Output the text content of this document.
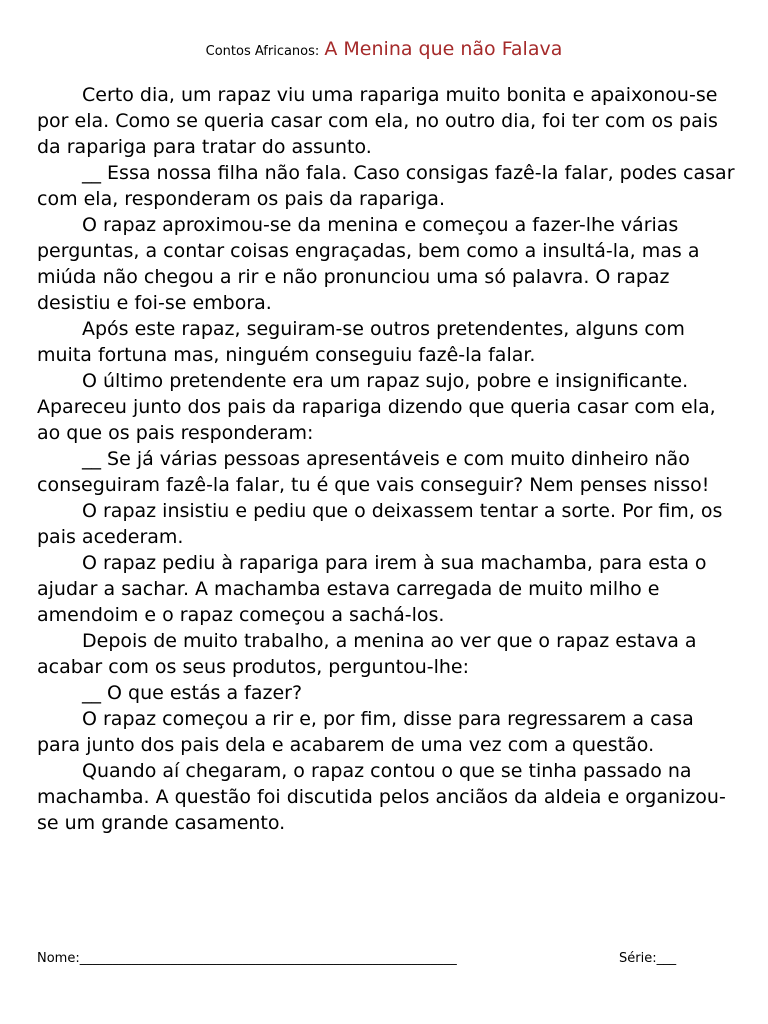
Contos Africanos: A Menina que não Falava

Certo dia, um rapaz viu uma rapariga muito bonita e apaixonou-se por ela. Como se queria casar com ela, no outro dia, foi ter com os pais da rapariga para tratar do assunto.

__ Essa nossa filha não fala. Caso consigas fazê-la falar, podes casar com ela, responderam os pais da rapariga.

O rapaz aproximou-se da menina e começou a fazer-lhe várias perguntas, a contar coisas engraçadas, bem como a insultá-la, mas a miúda não chegou a rir e não pronunciou uma só palavra. O rapaz desistiu e foi-se embora.

Após este rapaz, seguiram-se outros pretendentes, alguns com muita fortuna mas, ninguém conseguiu fazê-la falar.

O último pretendente era um rapaz sujo, pobre e insignificante. Apareceu junto dos pais da rapariga dizendo que queria casar com ela, ao que os pais responderam:

__ Se já várias pessoas apresentáveis e com muito dinheiro não conseguiram fazê-la falar, tu é que vais conseguir? Nem penses nisso!

O rapaz insistiu e pediu que o deixassem tentar a sorte. Por fim, os pais acederam.

O rapaz pediu à rapariga para irem à sua machamba, para esta o ajudar a sachar. A machamba estava carregada de muito milho e amendoim e o rapaz começou a sachá-los.

Depois de muito trabalho, a menina ao ver que o rapaz estava a acabar com os seus produtos, perguntou-lhe:

__ O que estás a fazer?

O rapaz começou a rir e, por fim, disse para regressarem a casa para junto dos pais dela e acabarem de uma vez com a questão.

Quando aí chegaram, o rapaz contou o que se tinha passado na machamba. A questão foi discutida pelos anciãos da aldeia e organizou-se um grande casamento.

Nome:__________________________________________________________	Série:___
